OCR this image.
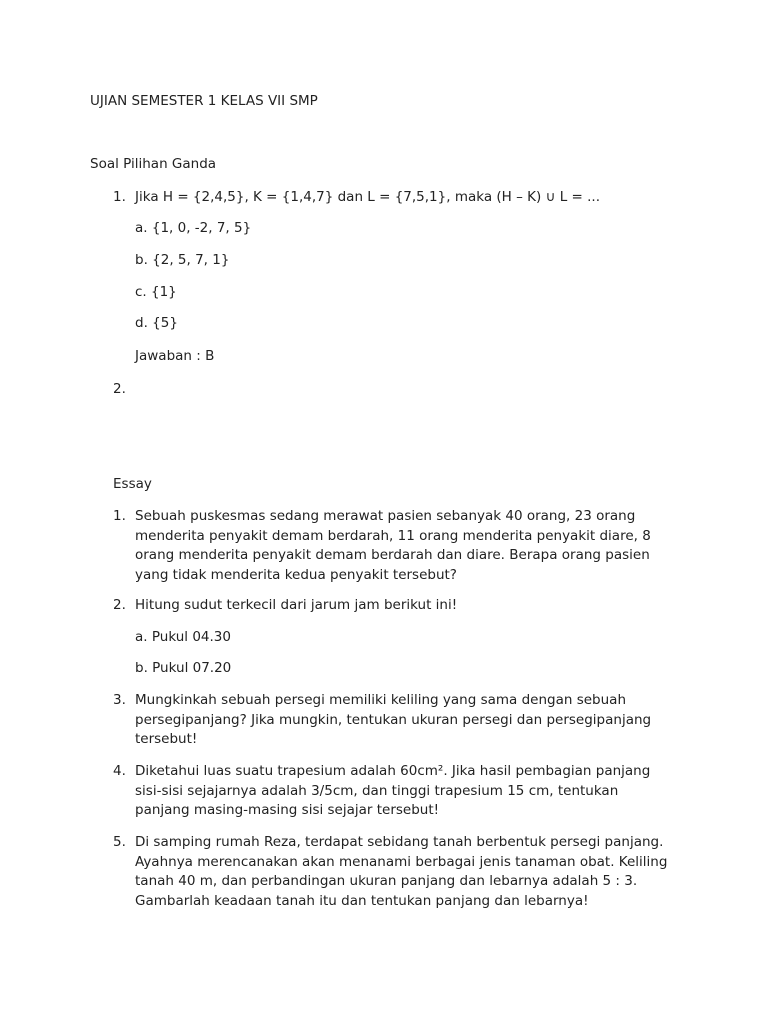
UJIAN SEMESTER 1 KELAS VII SMP
Soal Pilihan Ganda
1. Jika H = {2,4,5}, K = {1,4,7} dan L = {7,5,1}, maka (H – K) ∪ L = ...
a. {1, 0, -2, 7, 5}
b. {2, 5, 7, 1}
c. {1}
d. {5}
Jawaban : B
2.
Essay
1. Sebuah puskesmas sedang merawat pasien sebanyak 40 orang, 23 orang menderita penyakit demam berdarah, 11 orang menderita penyakit diare, 8 orang menderita penyakit demam berdarah dan diare. Berapa orang pasien yang tidak menderita kedua penyakit tersebut?
2. Hitung sudut terkecil dari jarum jam berikut ini!
a. Pukul 04.30
b. Pukul 07.20
3. Mungkinkah sebuah persegi memiliki keliling yang sama dengan sebuah persegipanjang? Jika mungkin, tentukan ukuran persegi dan persegipanjang tersebut!
4. Diketahui luas suatu trapesium adalah 60cm². Jika hasil pembagian panjang sisi-sisi sejajarnya adalah 3/5cm, dan tinggi trapesium 15 cm, tentukan panjang masing-masing sisi sejajar tersebut!
5. Di samping rumah Reza, terdapat sebidang tanah berbentuk persegi panjang. Ayahnya merencanakan akan menanami berbagai jenis tanaman obat. Keliling tanah 40 m, dan perbandingan ukuran panjang dan lebarnya adalah 5 : 3. Gambarlah keadaan tanah itu dan tentukan panjang dan lebarnya!
